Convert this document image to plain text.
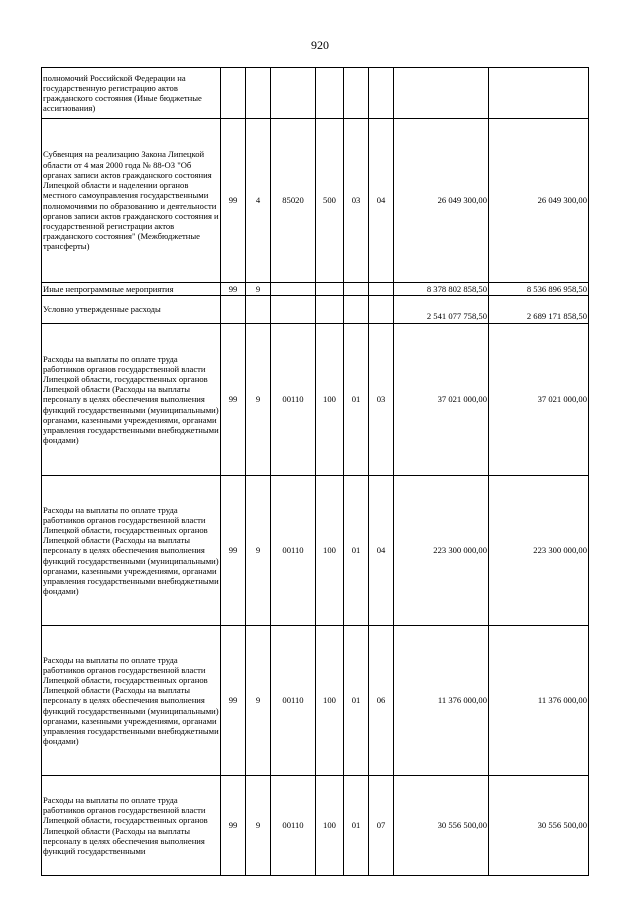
920
полномочий Российской Федерации на государственную регистрацию актов гражданского состояния (Иные бюджетные ассигнования)								
Субвенция на реализацию Закона Липецкой области от 4 мая 2000 года № 88-ОЗ "Об органах записи актов гражданского состояния Липецкой области и наделении органов местного самоуправления государственными полномочиями по образованию и деятельности органов записи актов гражданского состояния и государственной регистрации актов гражданского состояния" (Межбюджетные трансферты)	99	4	85020	500	03	04	26 049 300,00	26 049 300,00
Иные непрограммные мероприятия	99	9					8 378 802 858,50	8 536 896 958,50
Условно утвержденные расходы							2 541 077 758,50	2 689 171 858,50
Расходы на выплаты по оплате труда работников органов государственной власти Липецкой области, государственных органов Липецкой области (Расходы на выплаты персоналу в целях обеспечения выполнения функций государственными (муниципальными) органами, казенными учреждениями, органами управления государственными внебюджетными фондами)	99	9	00110	100	01	03	37 021 000,00	37 021 000,00
Расходы на выплаты по оплате труда работников органов государственной власти Липецкой области, государственных органов Липецкой области (Расходы на выплаты персоналу в целях обеспечения выполнения функций государственными (муниципальными) органами, казенными учреждениями, органами управления государственными внебюджетными фондами)	99	9	00110	100	01	04	223 300 000,00	223 300 000,00
Расходы на выплаты по оплате труда работников органов государственной власти Липецкой области, государственных органов Липецкой области (Расходы на выплаты персоналу в целях обеспечения выполнения функций государственными (муниципальными) органами, казенными учреждениями, органами управления государственными внебюджетными фондами)	99	9	00110	100	01	06	11 376 000,00	11 376 000,00
Расходы на выплаты по оплате труда работников органов государственной власти Липецкой области, государственных органов Липецкой области (Расходы на выплаты персоналу в целях обеспечения выполнения функций государственными	99	9	00110	100	01	07	30 556 500,00	30 556 500,00
